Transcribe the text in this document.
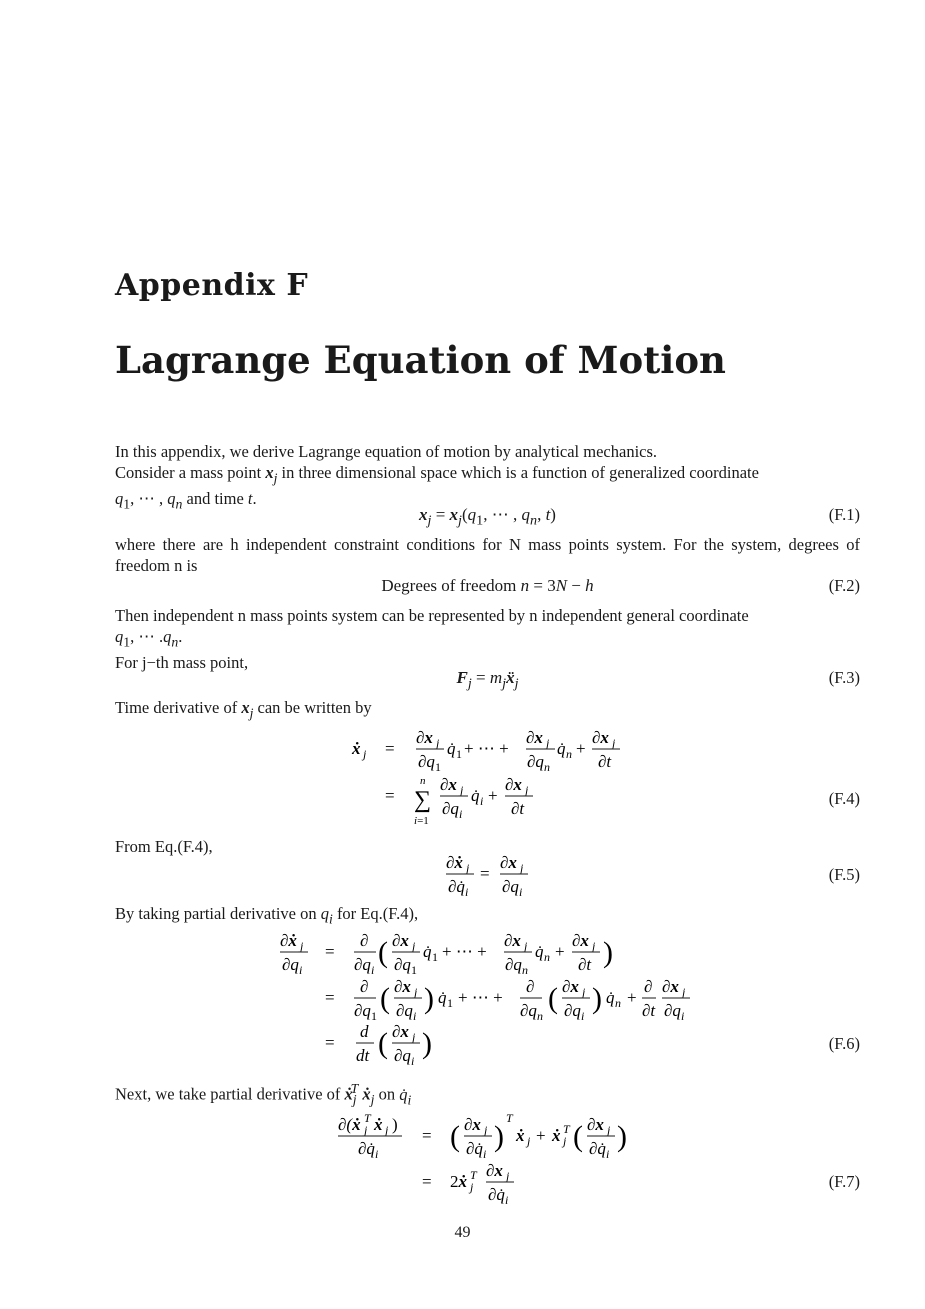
Appendix F
Lagrange Equation of Motion
In this appendix, we derive Lagrange equation of motion by analytical mechanics.
Consider a mass point $x_j$ in three dimensional space which is a function of generalized coordinate
$q_1$, ⋯ , $q_n$ and time t.
$x_j = x_j(q_1$, ⋯ , $q_n$, t)	(F.1)
where there are h independent constraint conditions for N mass points system. For the system, degrees of freedom n is
Degrees of freedom n = 3N − h	(F.2)
Then independent n mass points system can be represented by n independent general coordinate
$q_1$, ⋯ $.q_n$.
For j−th mass point,
$F_j$ = $m_jẍ_j$	(F.3)
Time derivative of $x_j$ can be written by
ẋ j =
∂x j
∂q 1
q̇ 1 + ⋯ +
∂x j
∂q n
q̇ n +
∂x j
∂t
=
n
∑
i=1
∂x j
∂q i
q̇ i +
∂x j
∂t
(F.4)
From Eq.(F.4),
∂ẋ j
∂q̇ i
=
∂x j
∂q i
(F.5)
By taking partial derivative on $q_i$ for Eq.(F.4),
∂ẋ j
∂q i
=
∂
∂q i
( ∂x j
∂q 1
q̇ 1 + ⋯ +
∂x j
∂q n
q̇ n +
∂x j
∂t )
=
∂
∂q 1
( ∂x j
∂q i
) q̇ 1 + ⋯ +
∂
∂q n
( ∂x j
∂q i
) q̇ n +
∂
∂t
∂x j
∂q i
=
d
dt ( ∂x j
∂q i
)	(F.6)
Next, we take partial derivative of ẋ$_j^T$ ẋ$_j$ on $q̇_i$
∂(ẋ j
T ẋ j )
∂q̇ i
= ( ∂x j
∂q̇ i
)
T
ẋ j + ẋ j
T ( ∂x j
∂q̇ i
)
= 2ẋ j
T ∂x j
∂q̇ i
(F.7)
49
